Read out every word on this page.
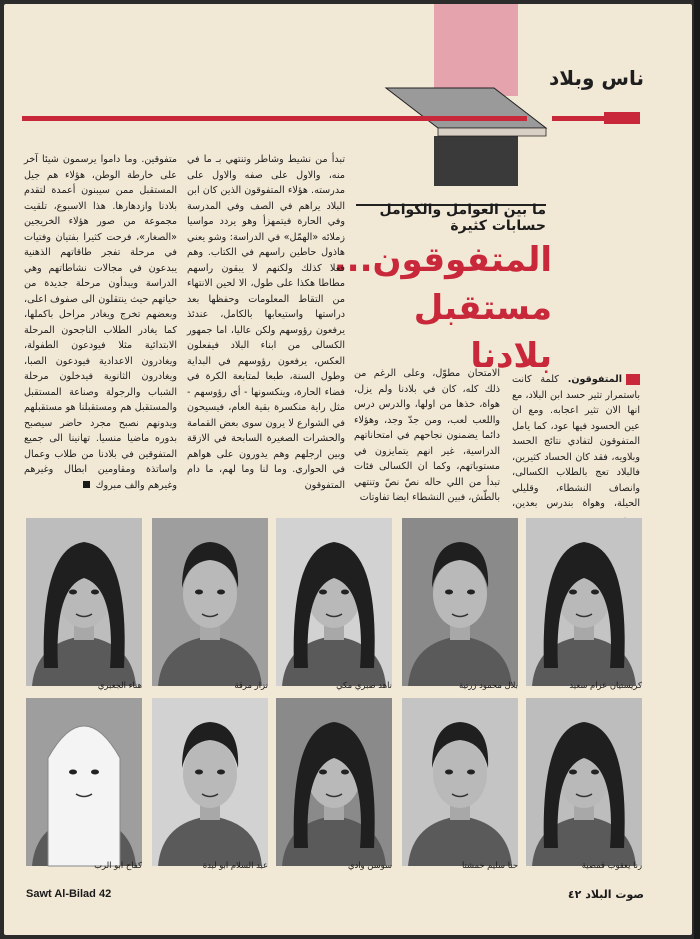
ناس وبلاد
ما بين العوامل والكوامل حسابات كثيرة
المتفوقون...
مستقبل بلادنا
متفوقين. وما داموا يرسمون شيئا آخر على خارطة الوطن، هؤلاء هم جيل المستقبل ممن سيبنون أعمدة لتقدم بلادنا وازدهارها. هذا الاسبوع، تلقيت مجموعة من صور هؤلاء الخريجين «الصغار»، فرحت كثيرا بفتيان وفتيات في مرحلة تفجر طاقاتهم الذهنية يبدعون في مجالات نشاطاتهم وهي الدراسة ويبدأون مرحلة جديدة من حياتهم حيث ينتقلون الى صفوف اعلى، وبعضهم تخرج ويغادر مراحل باكملها، كما يغادر الطلاب الناجحون المرحلة الابتدائية مثلا فيودعون الطفولة، ويغادرون الاعدادية فيودعون الصبا، ويغادرون الثانوية فيدخلون مرحلة الشباب والرجولة وصناعة المستقبل والمستقبل هم ومستقبلنا هو مستقبلهم ويدونهم نصبح مجرد حاضر سيصبح بدوره ماضيا منسيا. تهانينا الى جميع المتفوقين في بلادنا من طلاب وعمال واساتذة ومقاومين ابطال وغيرهم وغيرهم والف مبروك
تبدأ من نشيط وشاطر وتنتهي بـ ما في منه، والاول على صفه والاول على مدرسته. هؤلاء المتفوقون الذين كان ابن البلاد يراهم في الصف وفي المدرسة وفي الحارة فيتمهزأ وهو يردد مواسيا زملائه «الهمّل» في الدراسة: وشو يعني هاذول حاطين راسهم في الكتاب. وهم فعلا كذلك ولكنهم لا يبقون راسهم مطاطا هكذا على طول، الا لحين الانتهاء من التقاط المعلومات وحفظها بعد دراستها واستيعابها بالكامل، عندئذ يرفعون رؤوسهم ولكن عاليا، اما جمهور الكسالى من ابناء البلاد فيفعلون العكس، يرفعون رؤوسهم في البداية وطول السنة، طبعا لمتابعة الكرة في فضاء الحارة، وينكسونها - أي رؤوسهم - مثل راية منكسرة بقية العام، فيسيحون في الشوارع لا يرون سوى بعض القمامة والحشرات الصغيرة السابحة في الازقة وبين ارجلهم وهم يدورون على هواهم في الحواري. وما لنا وما لهم، ما دام المتفوقون
الامتحان مطوّل، وعلى الرغم من ذلك كله، كان في بلادنا ولم يزل، هواة، خذها من اولها، والدرس درس واللعب لعب، ومن جدّ وجد، وهؤلاء دائما يضمنون نجاحهم في امتحاناتهم الدراسية، غير انهم يتمايزون في مستوياتهم، وكما ان الكسالى فئات تبدأ من اللي حاله نصّ نصّ وتنتهي بالطّش، فبين النشطاء ايضا تفاوتات
المتفوقون. كلمة كانت باستمرار تثير حسد ابن البلاد، مع انها الان تثير اعجابه. ومع ان عين الحسود فيها عود، كما يامل المتفوقون لتفادي نتائج الحسد وبلاويه، فقد كان الحساد كثيرين، فالبلاد تعج بالطلاب الكسالى، وانصاف النشطاء، وقليلي الحيلة، وهواة بندرس بعدين،
هناء الجعبري	نزار مرقة	ناهد صبري مكي	بلال محمود زرتية	كريستيان عزام سعيد
كفاح ابو الرب	عبد السلام ابو لبدة	سوسن وادي	حنا سليم خمشتا	رنا يعقوب قمصية
Sawt Al-Bilad 42	صوت البلاد ٤٢
